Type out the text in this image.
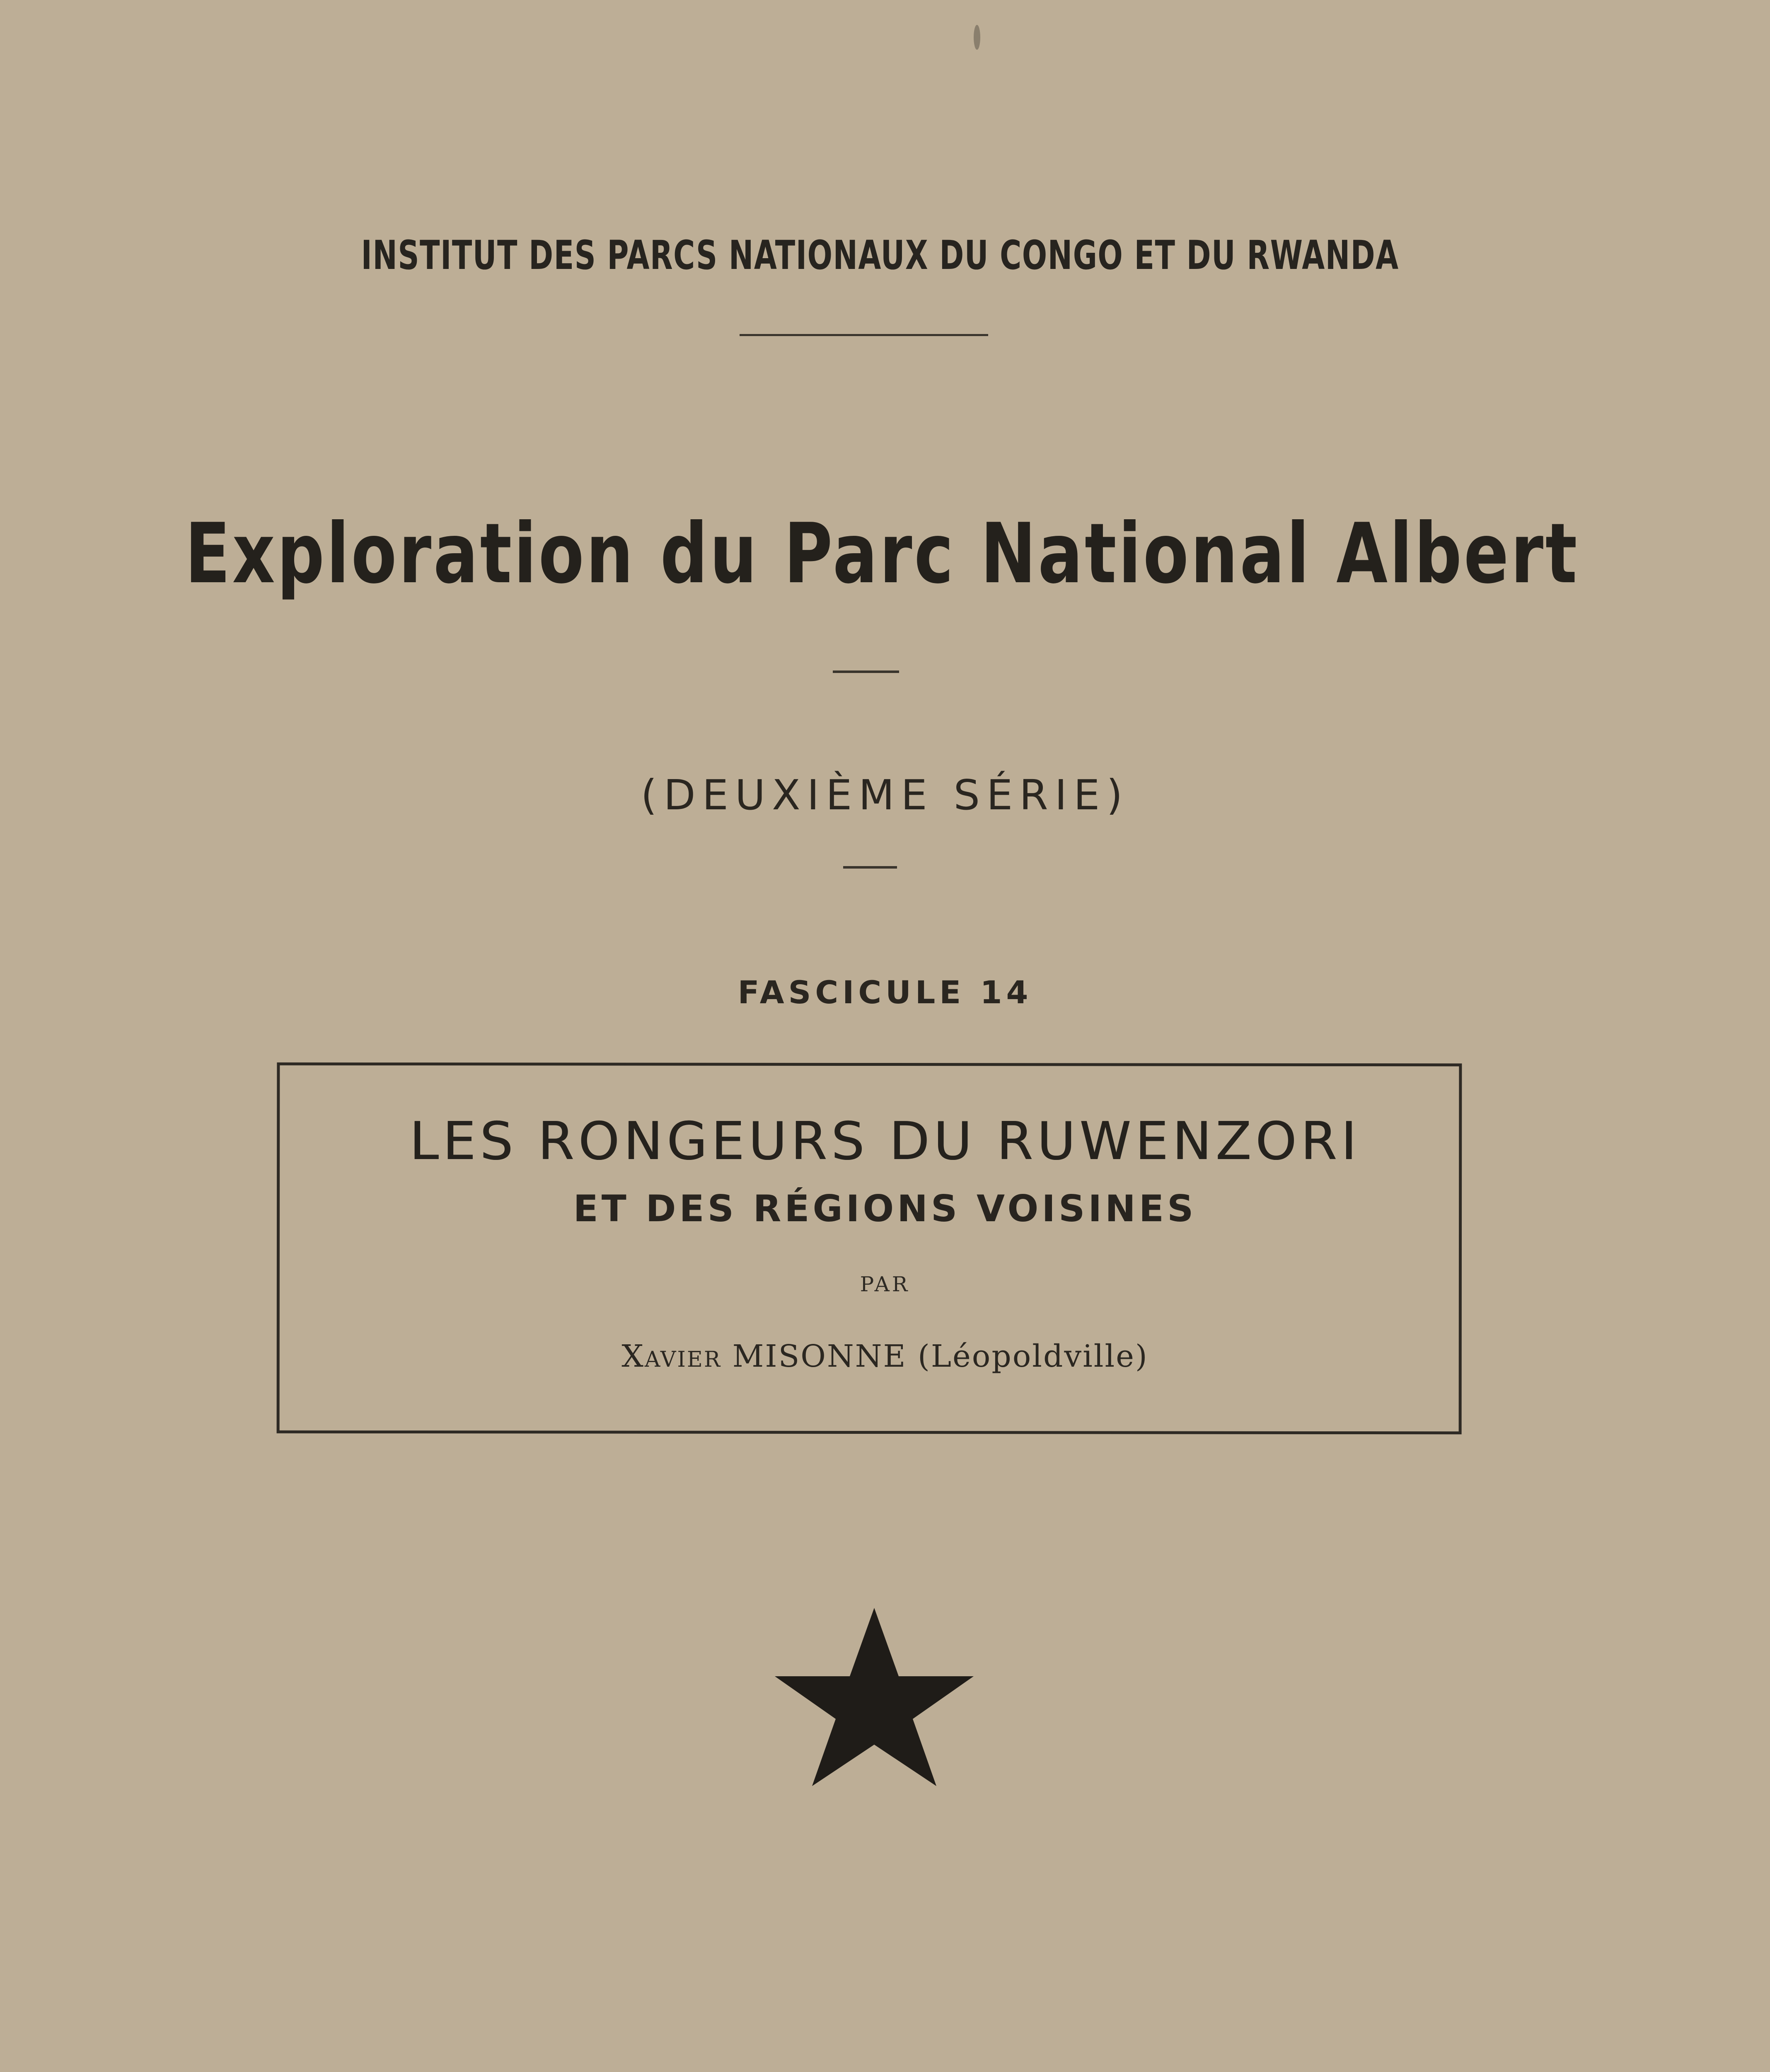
INSTITUT DES PARCS NATIONAUX DU CONGO ET DU RWANDA
Exploration du Parc National Albert
(DEUXIÈME SÉRIE)
FASCICULE 14
LES RONGEURS DU RUWENZORI
ET DES RÉGIONS VOISINES
PAR
Xavier MISONNE (Léopoldville)
